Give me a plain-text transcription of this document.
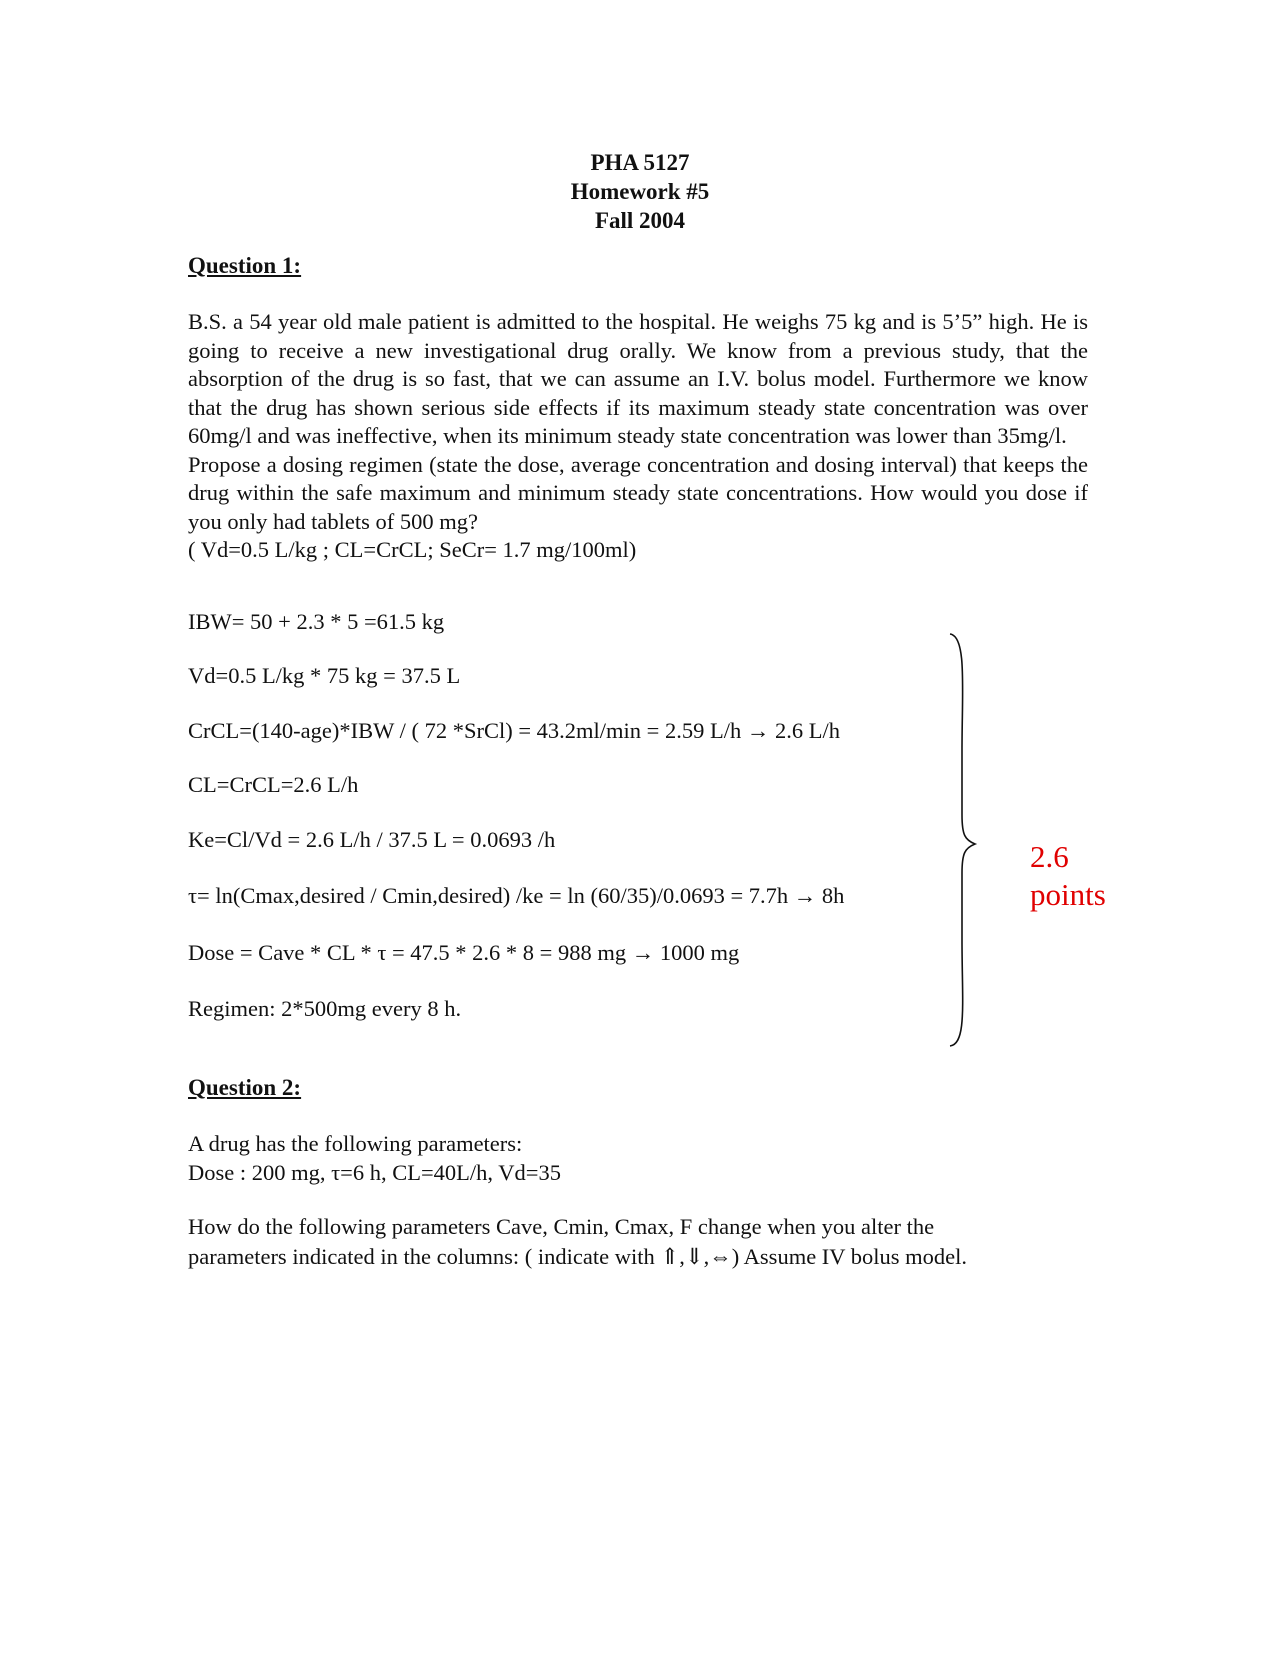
PHA 5127
Homework #5
Fall 2004
Question 1:

B.S. a 54 year old male patient is admitted to the hospital. He weighs 75 kg and is 5’5” high. He is going to receive a new investigational drug orally. We know from a previous study, that the absorption of the drug is so fast, that we can assume an I.V. bolus model. Furthermore we know that the drug has shown serious side effects if its maximum steady state concentration was over 60mg/l and was ineffective, when its minimum steady state concentration was lower than 35mg/l.

Propose a dosing regimen (state the dose, average concentration and dosing interval) that keeps the drug within the safe maximum and minimum steady state concentrations. How would you dose if you only had tablets of 500 mg?

( Vd=0.5 L/kg ; CL=CrCL; SeCr= 1.7 mg/100ml)

IBW= 50 + 2.3 * 5 =61.5 kg
Vd=0.5 L/kg * 75 kg = 37.5 L
CrCL=(140-age)*IBW / ( 72 *SrCl) = 43.2ml/min = 2.59 L/h → 2.6 L/h
CL=CrCL=2.6 L/h
Ke=Cl/Vd = 2.6 L/h / 37.5 L = 0.0693 /h
τ= ln(Cmax,desired / Cmin,desired) /ke = ln (60/35)/0.0693 = 7.7h → 8h
Dose = Cave * CL * τ = 47.5 * 2.6 * 8 = 988 mg → 1000 mg
Regimen: 2*500mg every 8 h.
2.6
points
Question 2:
A drug has the following parameters:
Dose : 200 mg, τ=6 h, CL=40L/h, Vd=35
How do the following parameters Cave, Cmin, Cmax, F change when you alter the
parameters indicated in the columns: ( indicate with ⇑,⇓,⇔) Assume IV bolus model.
